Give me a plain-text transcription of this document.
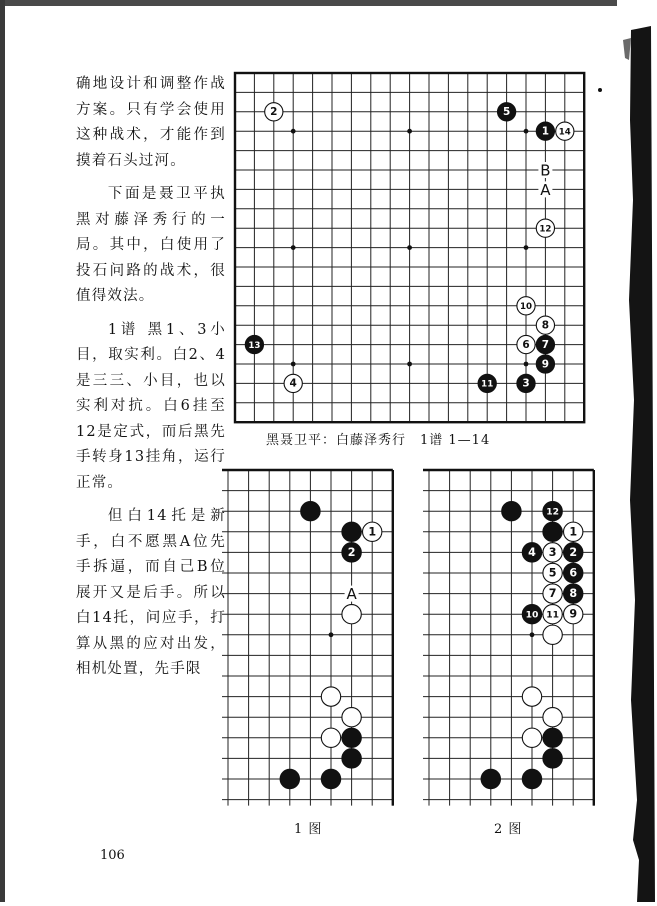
确地设计和调整作战方案。只有学会使用这种战术，才能作到摸着石头过河。

下面是聂卫平执黑对藤泽秀行的一局。其中，白使用了投石问路的战术，很值得效法。

1谱 黑1、3小目，取实利。白2、4是三三、小目，也以实利对抗。白6挂至12是定式，而后黑先手转身13挂角，运行正常。

但白14托是新手，白不愿黑A位先手拆逼，而自己B位展开又是后手。所以白14托，问应手，打算从黑的应对出发，相机处置，先手限

106
2	5
1 14
12
10
8
6 7
9
13
4	11	3
B
A
黑聂卫平：白藤泽秀行　1谱 1—14
1
2
A
1 图
12
1
4 3 2
5 6
7 8
10 11 9
2 图
